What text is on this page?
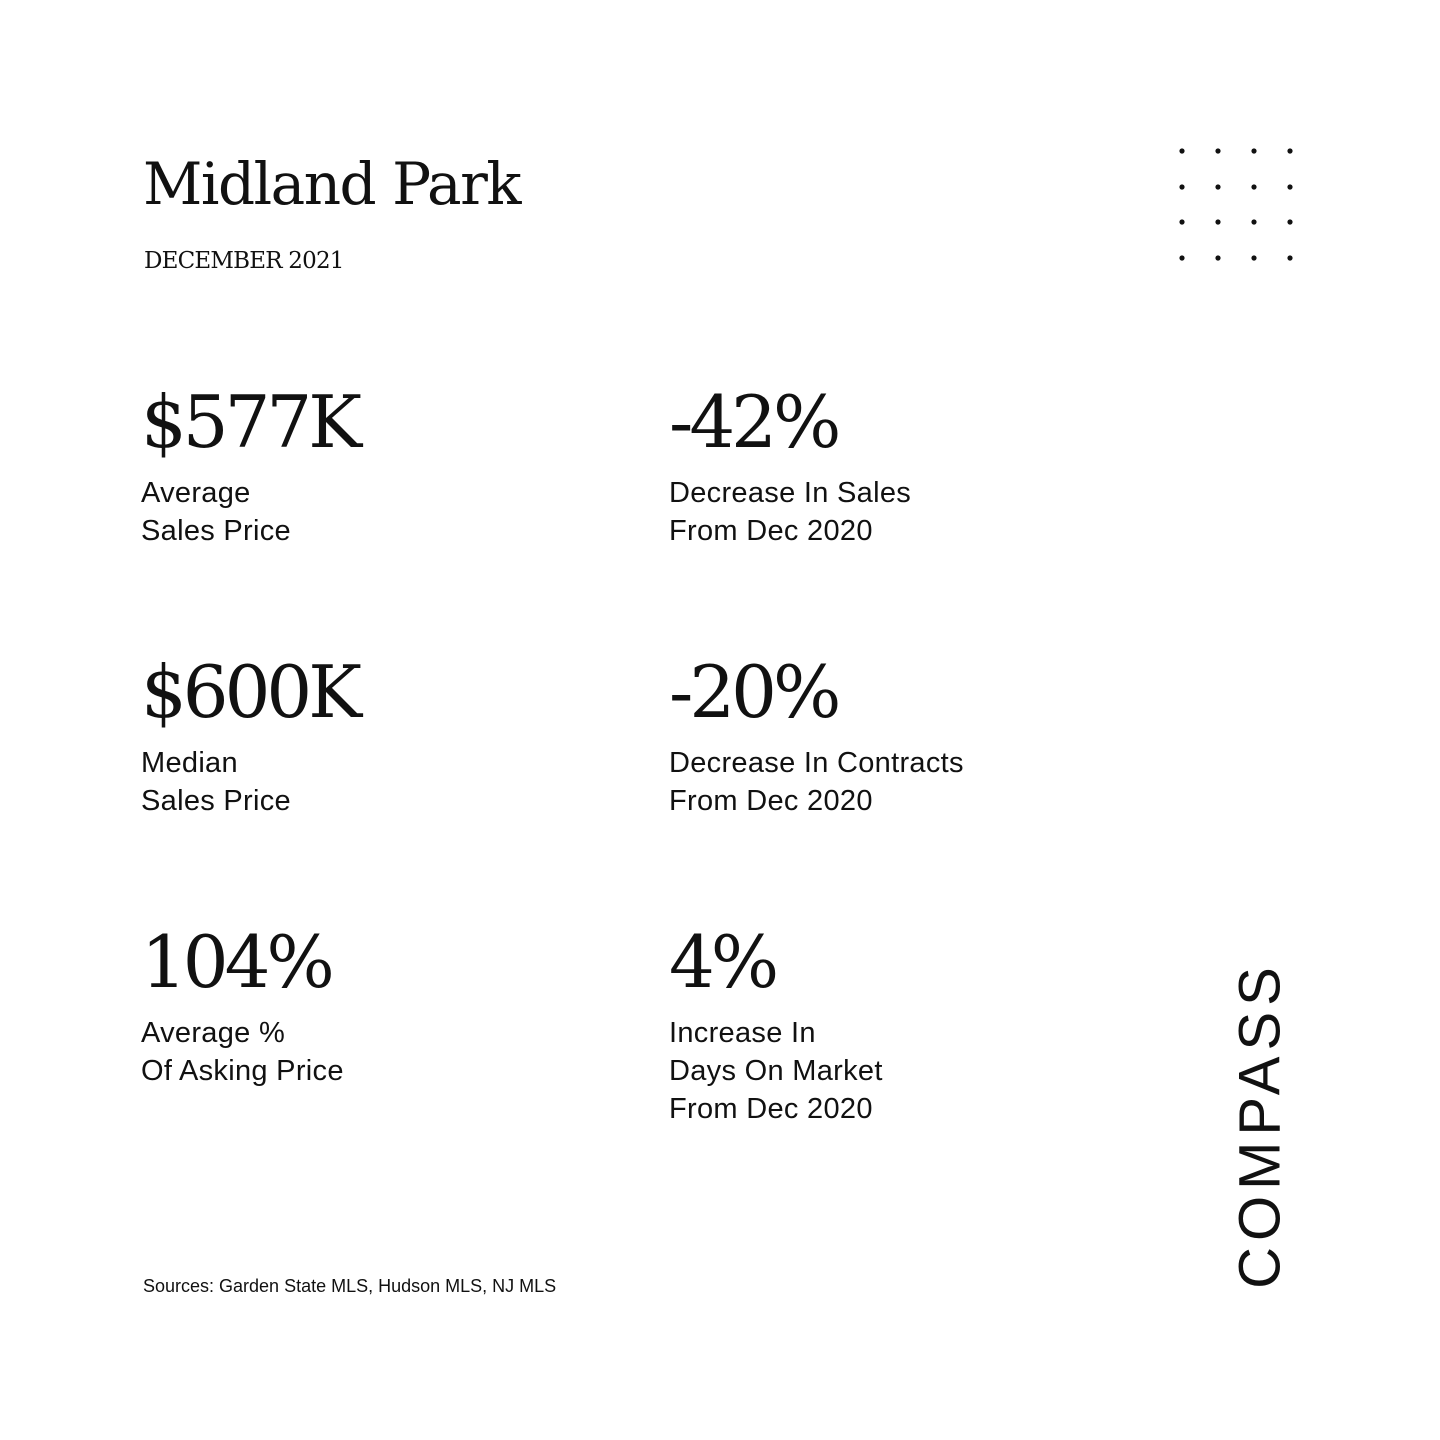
Midland Park
DECEMBER 2021
$577K
Average
Sales Price
-42%
Decrease In Sales
From Dec 2020
$600K
Median
Sales Price
-20%
Decrease In Contracts
From Dec 2020
104%
Average %
Of Asking Price
4%
Increase In
Days On Market
From Dec 2020
Sources: Garden State MLS, Hudson MLS, NJ MLS	COMPASS
